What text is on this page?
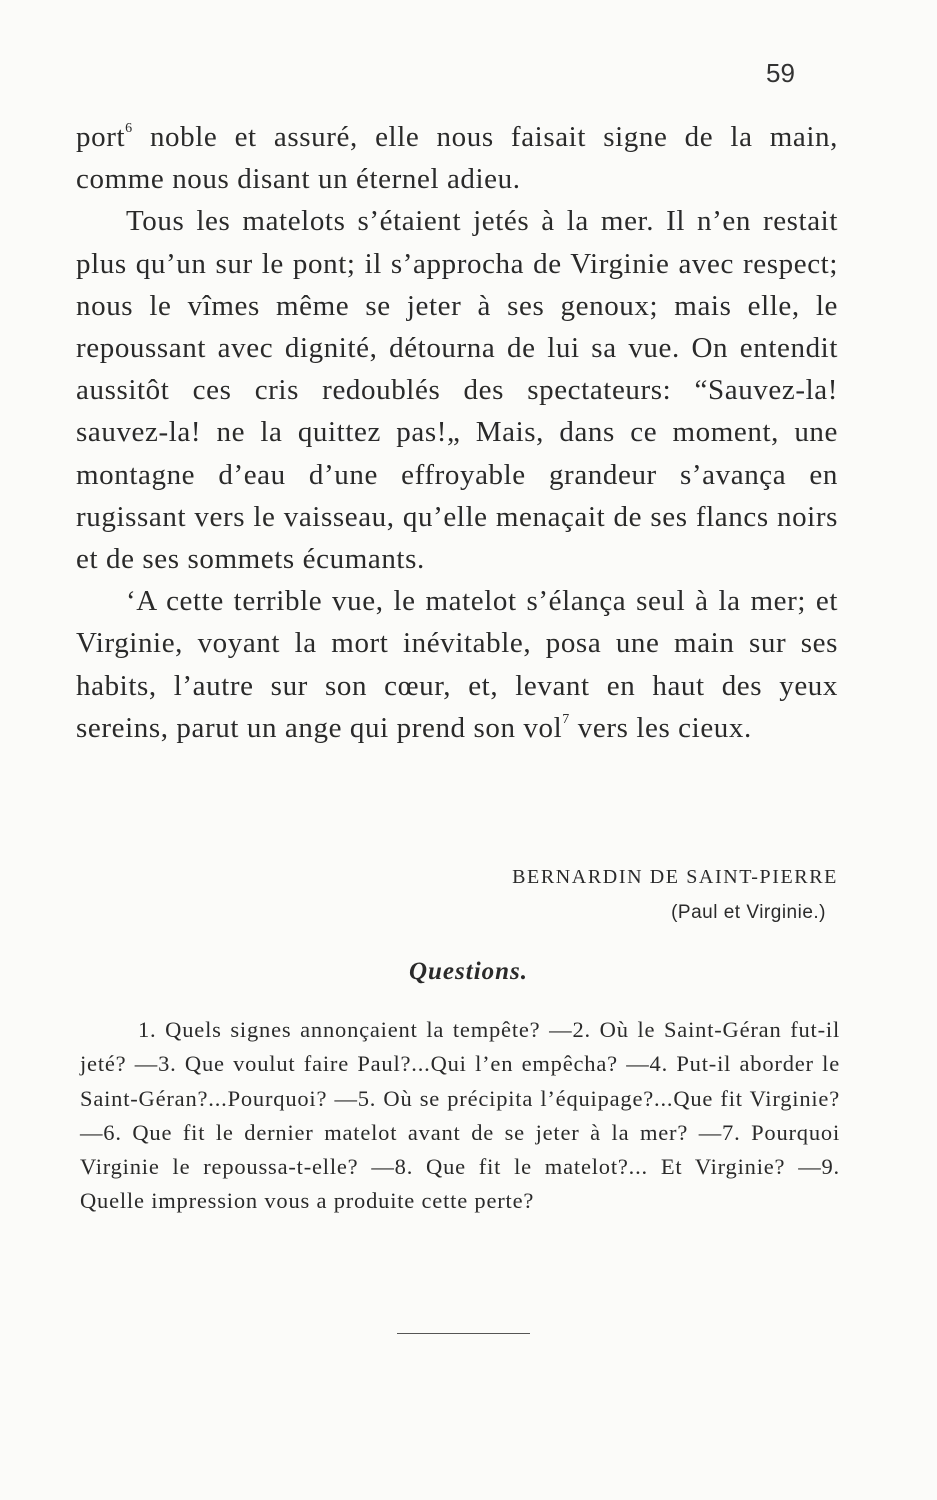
59

port$^6$ noble et assuré, elle nous faisait signe de la main, comme nous disant un éternel adieu.

Tous les matelots s’étaient jetés à la mer. Il n’en restait plus qu’un sur le pont; il s’approcha de Virginie avec respect; nous le vîmes même se jeter à ses genoux; mais elle, le repoussant avec dignité, détourna de lui sa vue. On entendit aussitôt ces cris redoublés des spectateurs: “Sauvez-la! sauvez-la! ne la quittez pas!„ Mais, dans ce moment, une montagne d’eau d’une effroyable grandeur s’avança en rugissant vers le vaisseau, qu’elle menaçait de ses flancs noirs et de ses sommets écumants.

‘A cette terrible vue, le matelot s’élança seul à la mer; et Virginie, voyant la mort inévitable, posa une main sur ses habits, l’autre sur son cœur, et, levant en haut des yeux sereins, parut un ange qui prend son vol$^7$ vers les cieux.

BERNARDIN DE SAINT-PIERRE
(Paul et Virginie.)
Questions.

1. Quels signes annonçaient la tempête? —2. Où le Saint-Géran fut-il jeté? —3. Que voulut faire Paul?...Qui l’en empêcha? —4. Put-il aborder le Saint-Géran?...Pourquoi? —5. Où se précipita l’équipage?...Que fit Virginie? —6. Que fit le dernier matelot avant de se jeter à la mer? —7. Pourquoi Virginie le repoussa-t-elle? —8. Que fit le matelot?... Et Virginie? —9. Quelle impression vous a produite cette perte?
